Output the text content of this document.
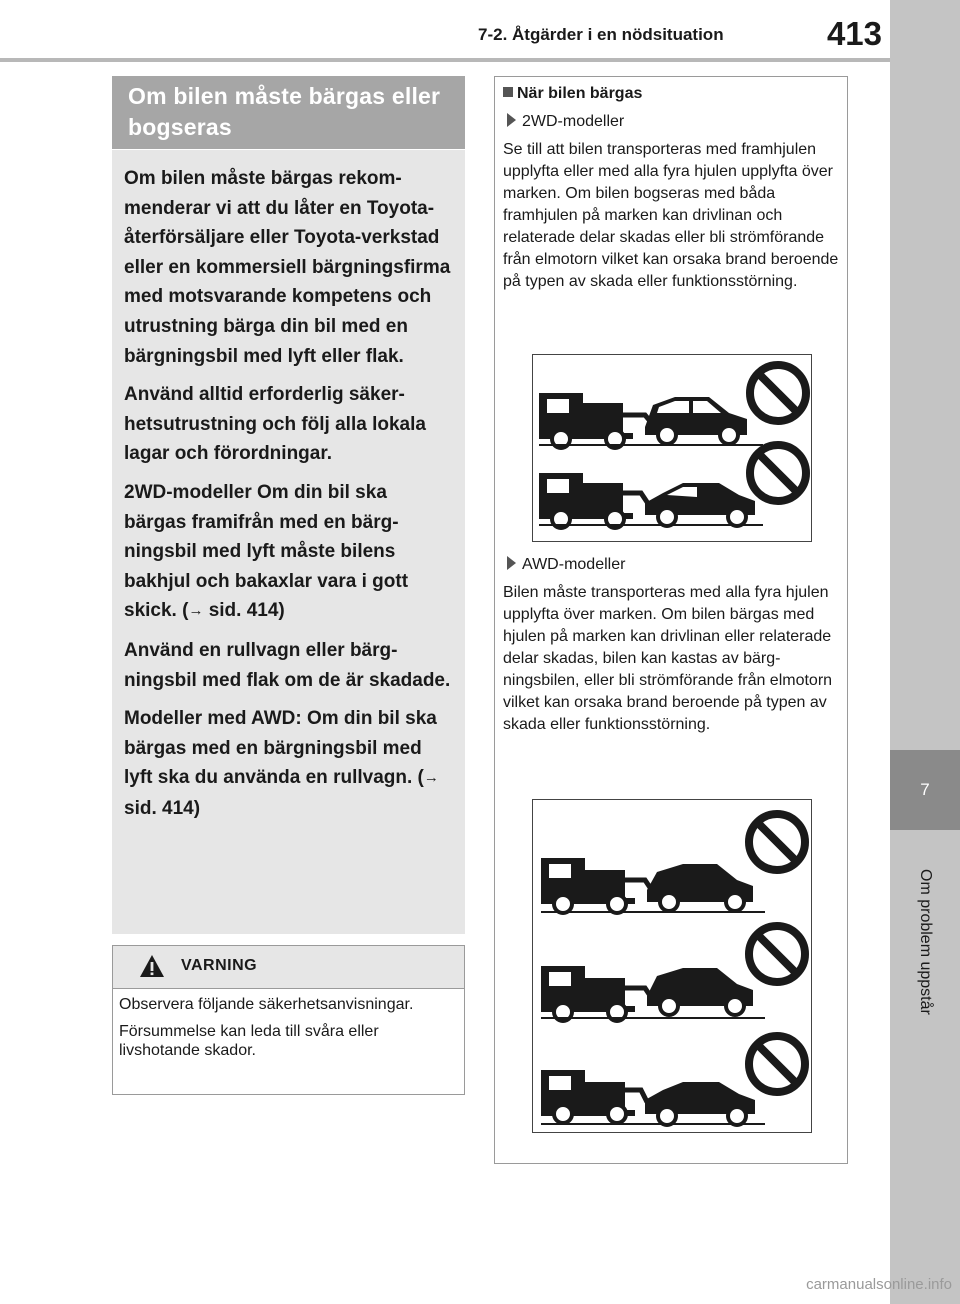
7-2. Åtgärder i en nödsituation	413
7
Om problem uppstår
Om bilen måste bärgas eller bogseras

Om bilen måste bärgas rekommenderar vi att du låter en Toyota-återförsäljare eller Toyota-verkstad eller en kommersiell bärgningsfirma med motsvarande kompetens och utrustning bärga din bil med en bärgningsbil med lyft eller flak.

Använd alltid erforderlig säkerhetsutrustning och följ alla lokala lagar och förordningar.

2WD-modeller Om din bil ska bärgas framifrån med en bärgningsbil med lyft måste bilens bakhjul och bakaxlar vara i gott skick. (→ sid. 414)

Använd en rullvagn eller bärgningsbil med flak om de är skadade.

Modeller med AWD: Om din bil ska bärgas med en bärgningsbil med lyft ska du använda en rullvagn. (→ sid. 414)

VARNING

Observera följande säkerhetsanvisningar.

Försummelse kan leda till svåra eller livshotande skador.

När bilen bärgas
2WD-modeller

Se till att bilen transporteras med framhjulen upplyfta eller med alla fyra hjulen upplyfta över marken. Om bilen bogseras med båda framhjulen på marken kan drivlinan och relaterade delar skadas eller bli strömförande från elmotorn vilket kan orsaka brand beroende på typen av skada eller funktionsstörning.

AWD-modeller

Bilen måste transporteras med alla fyra hjulen upplyfta över marken. Om bilen bärgas med hjulen på marken kan drivlinan eller relaterade delar skadas, bilen kan kastas av bärgningsbilen, eller bli strömförande från elmotorn vilket kan orsaka brand beroende på typen av skada eller funktionsstörning.

carmanualsonline.info
